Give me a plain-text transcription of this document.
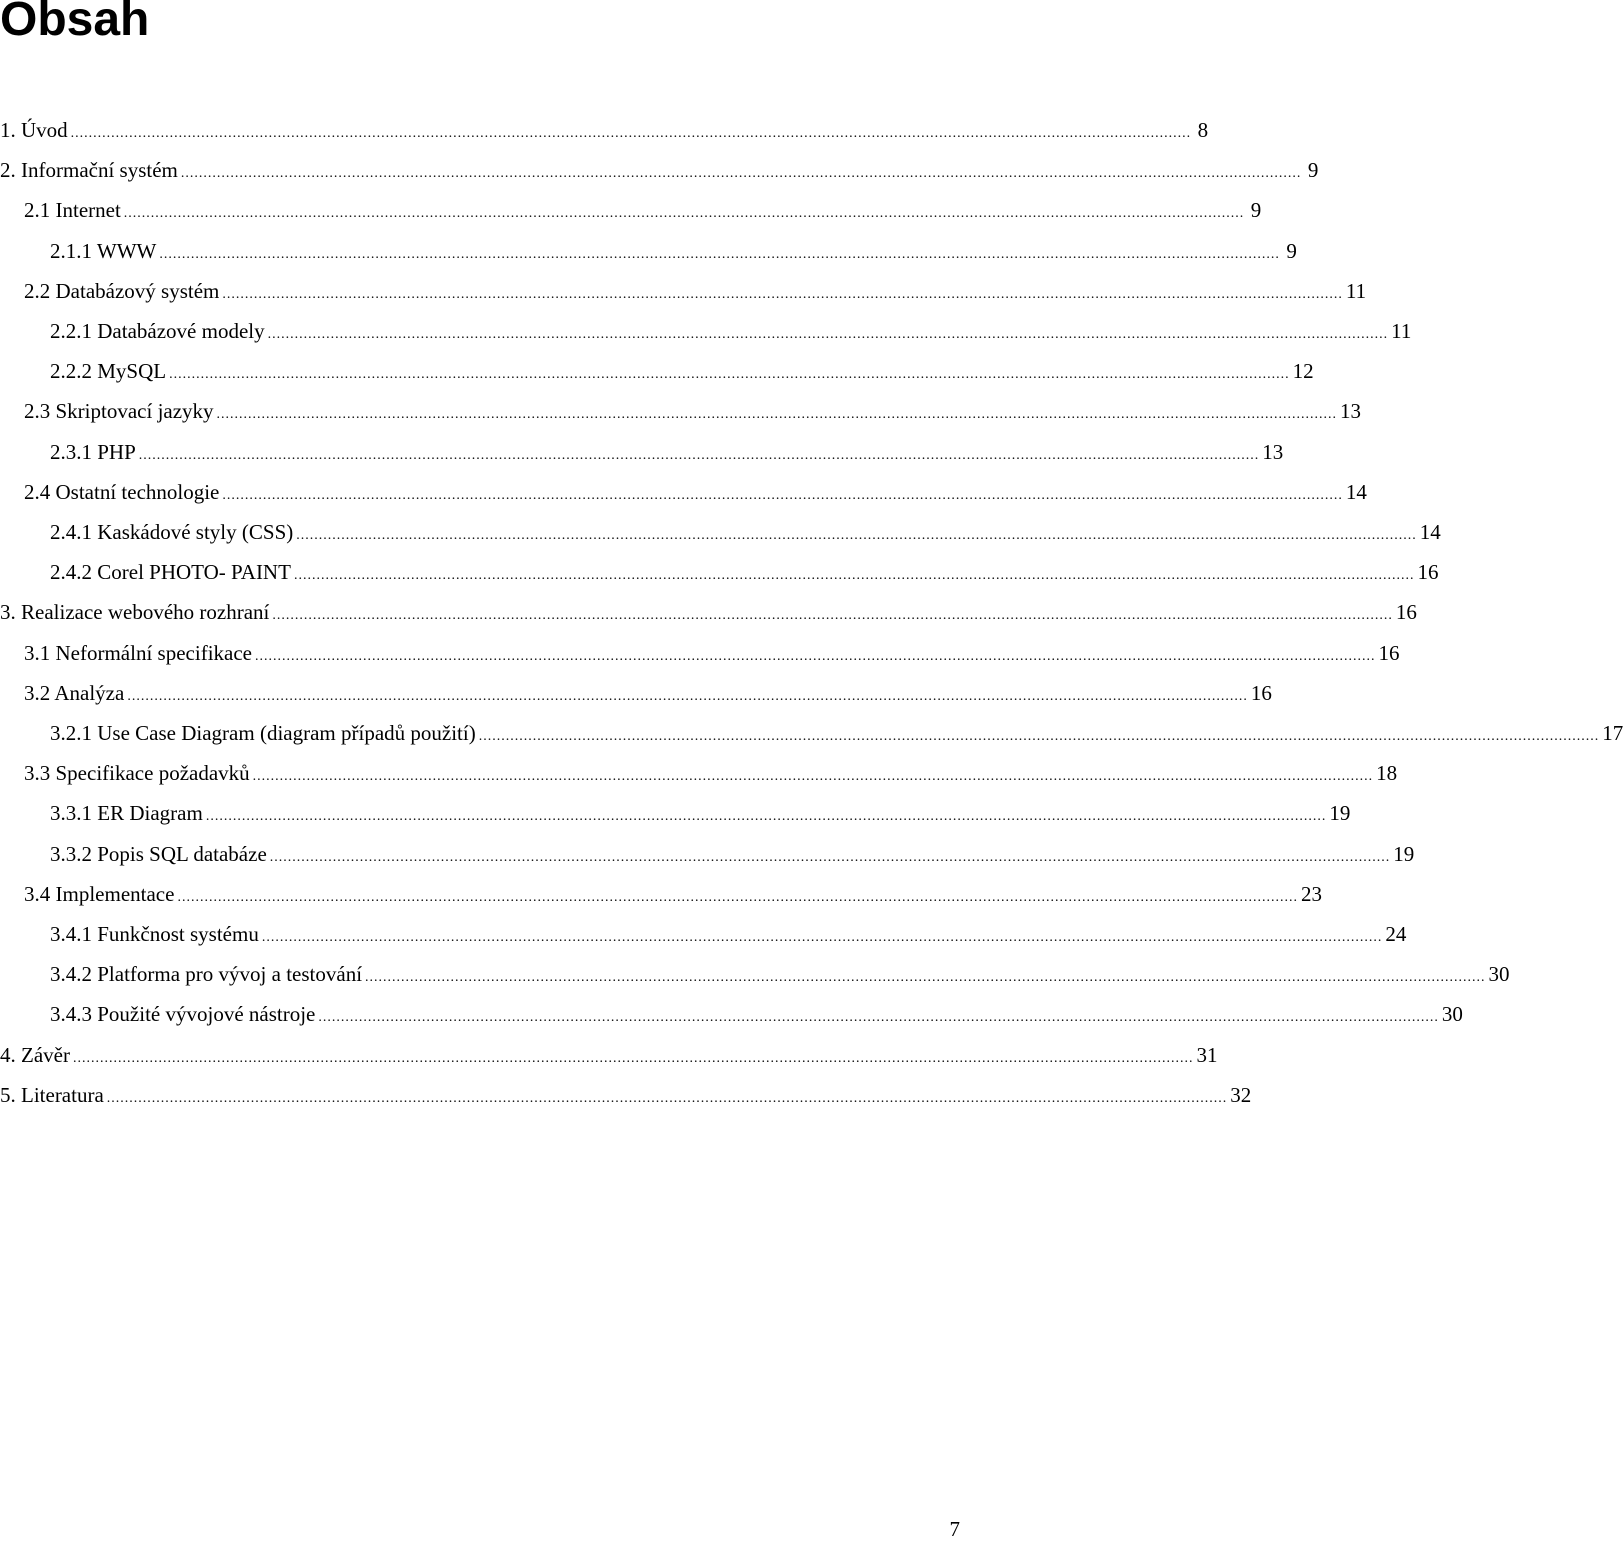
Obsah
1. Úvod .....	8
2. Informační systém .....	9
2.1 Internet .....	9
2.1.1 WWW .....	9
2.2 Databázový systém .....	11
2.2.1 Databázové modely .....	11
2.2.2 MySQL .....	12
2.3 Skriptovací jazyky .....	13
2.3.1 PHP .....	13
2.4 Ostatní technologie .....	14
2.4.1 Kaskádové styly (CSS) .....	14
2.4.2 Corel PHOTO- PAINT .....	16
3. Realizace webového rozhraní .....	16
3.1 Neformální specifikace .....	16
3.2 Analýza .....	16
3.2.1 Use Case Diagram (diagram případů použití) .....	17
3.3 Specifikace požadavků .....	18
3.3.1 ER Diagram .....	19
3.3.2 Popis SQL databáze .....	19
3.4 Implementace .....	23
3.4.1 Funkčnost systému .....	24
3.4.2 Platforma pro vývoj a testování .....	30
3.4.3 Použité vývojové nástroje .....	30
4. Závěr .....	31
5. Literatura .....	32
7
